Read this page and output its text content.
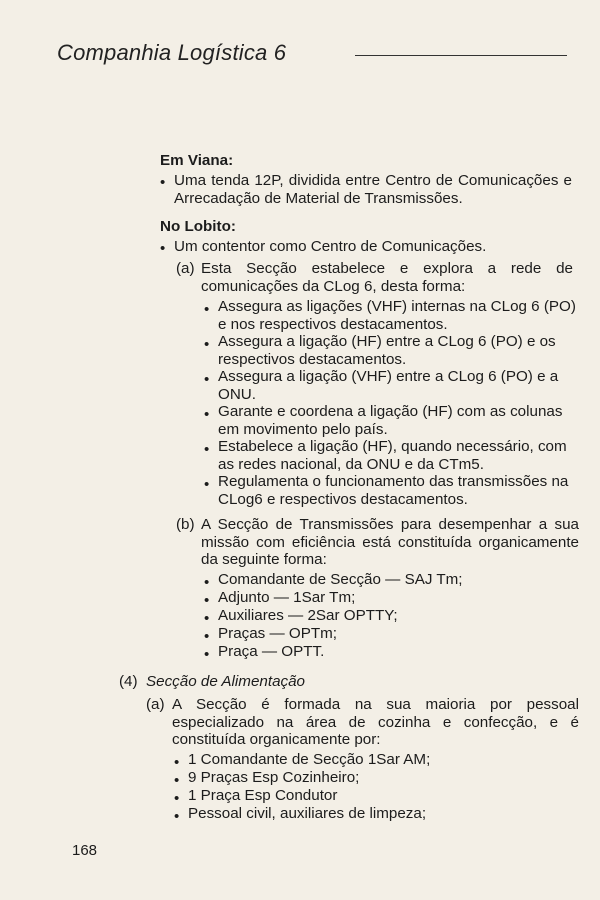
Companhia Logística 6
Em Viana:
• Uma tenda 12P, dividida entre Centro de Comunicações e Arrecadação de Material de Transmissões.
No Lobito:
• Um contentor como Centro de Comunicações.
(a) Esta Secção estabelece e explora a rede de comunicações da CLog 6, desta forma:
• Assegura as ligações (VHF) internas na CLog 6 (PO) e nos respectivos destacamentos.
• Assegura a ligação (HF) entre a CLog 6 (PO) e os respectivos destacamentos.
• Assegura a ligação (VHF) entre a CLog 6 (PO) e a ONU.
• Garante e coordena a ligação (HF) com as colunas em movimento pelo país.
• Estabelece a ligação (HF), quando necessário, com as redes nacional, da ONU e da CTm5.
• Regulamenta o funcionamento das transmissões na CLog6 e respectivos destacamentos.
(b) A Secção de Transmissões para desempenhar a sua missão com eficiência está constituída organicamente da seguinte forma:
• Comandante de Secção — SAJ Tm;
• Adjunto — 1Sar Tm;
• Auxiliares — 2Sar OPTTY;
• Praças — OPTm;
• Praça — OPTT.
(4) Secção de Alimentação
(a) A Secção é formada na sua maioria por pessoal especializado na área de cozinha e confecção, e é constituída organicamente por:
• 1 Comandante de Secção 1Sar AM;
• 9 Praças Esp Cozinheiro;
• 1 Praça Esp Condutor
• Pessoal civil, auxiliares de limpeza;
168
